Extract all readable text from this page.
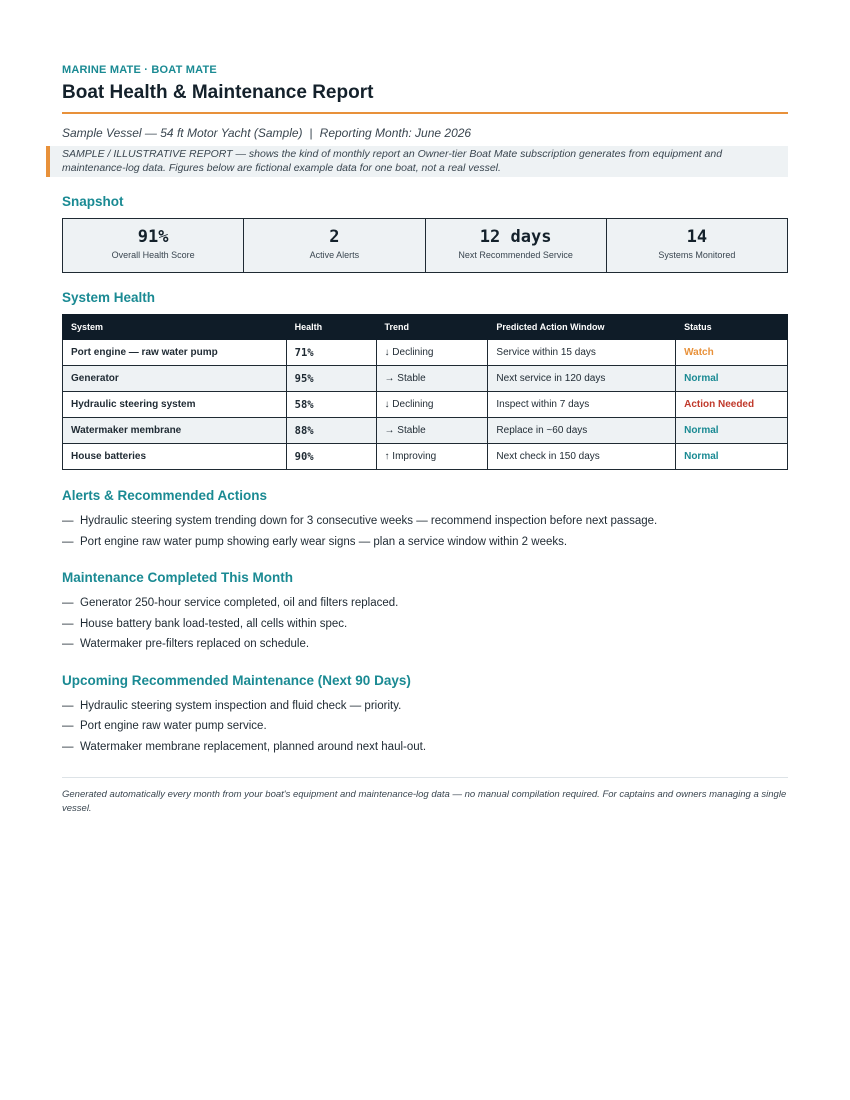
MARINE MATE · BOAT MATE
Boat Health & Maintenance Report
Sample Vessel — 54 ft Motor Yacht (Sample) | Reporting Month: June 2026
SAMPLE / ILLUSTRATIVE REPORT — shows the kind of monthly report an Owner-tier Boat Mate subscription generates from equipment and maintenance-log data. Figures below are fictional example data for one boat, not a real vessel.
Snapshot
91%
Overall Health Score
2
Active Alerts
12 days
Next Recommended Service
14
Systems Monitored
System Health
System	Health	Trend	Predicted Action Window	Status
Port engine — raw water pump	71%	↓ Declining	Service within 15 days	Watch
Generator	95%	→ Stable	Next service in 120 days	Normal
Hydraulic steering system	58%	↓ Declining	Inspect within 7 days	Action Needed
Watermaker membrane	88%	→ Stable	Replace in ~60 days	Normal
House batteries	90%	↑ Improving	Next check in 150 days	Normal
Alerts & Recommended Actions
— Hydraulic steering system trending down for 3 consecutive weeks — recommend inspection before next passage.
— Port engine raw water pump showing early wear signs — plan a service window within 2 weeks.
Maintenance Completed This Month
— Generator 250-hour service completed, oil and filters replaced.
— House battery bank load-tested, all cells within spec.
— Watermaker pre-filters replaced on schedule.
Upcoming Recommended Maintenance (Next 90 Days)
— Hydraulic steering system inspection and fluid check — priority.
— Port engine raw water pump service.
— Watermaker membrane replacement, planned around next haul-out.
Generated automatically every month from your boat's equipment and maintenance-log data — no manual compilation required. For captains and owners managing a single vessel.
